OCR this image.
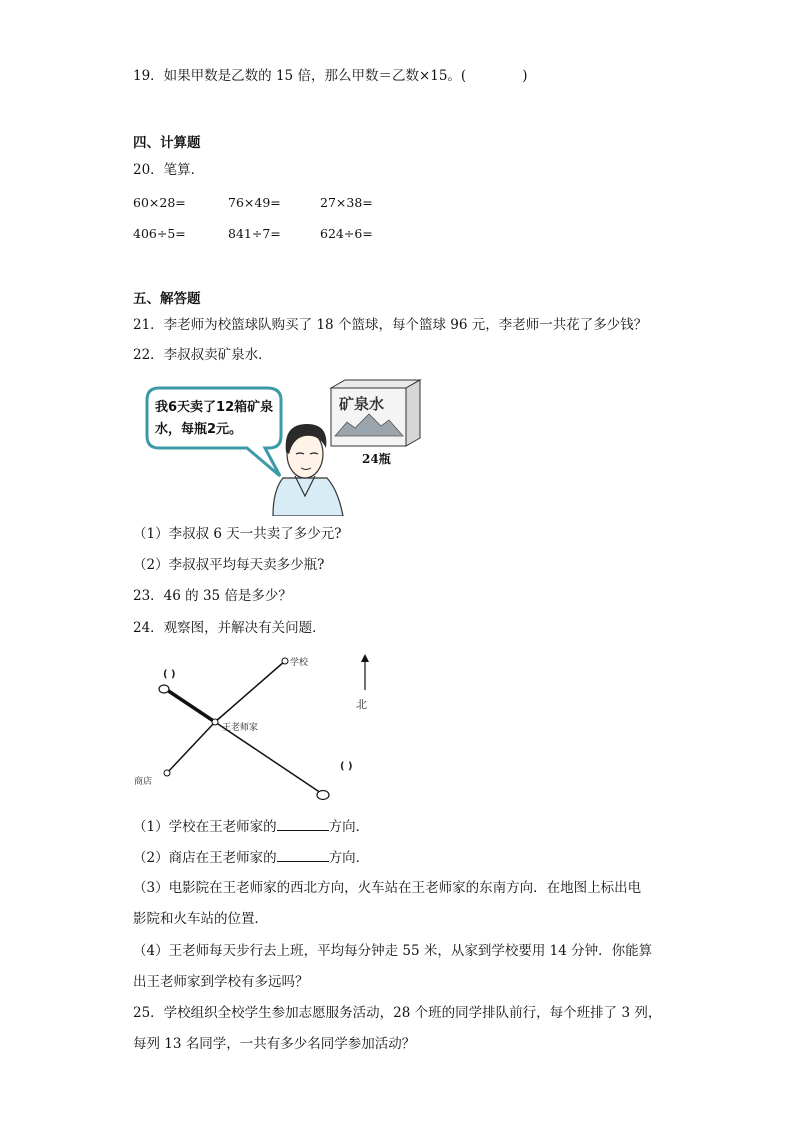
19．如果甲数是乙数的 15 倍，那么甲数＝乙数×15。(	)
四、计算题
20．笔算．
60×28=	76×49=	27×38=
406÷5=	841÷7=	624÷6=
五、解答题
21．李老师为校篮球队购买了 18 个篮球，每个篮球 96 元，李老师一共花了多少钱？
22．李叔叔卖矿泉水．
我6天卖了12箱矿泉
水，每瓶2元。
矿泉水
24瓶
（1）李叔叔 6 天一共卖了多少元?
（2）李叔叔平均每天卖多少瓶?
23．46 的 35 倍是多少？
24．观察图，并解决有关问题．
学校
王老师家
商店
北
( )
( )
（1）学校在王老师家的	方向．
（2）商店在王老师家的	方向．
（3）电影院在王老师家的西北方向，火车站在王老师家的东南方向．在地图上标出电
影院和火车站的位置．
（4）王老师每天步行去上班，平均每分钟走 55 米，从家到学校要用 14 分钟．你能算
出王老师家到学校有多远吗？
25．学校组织全校学生参加志愿服务活动，28 个班的同学排队前行，每个班排了 3 列，
每列 13 名同学，一共有多少名同学参加活动？
